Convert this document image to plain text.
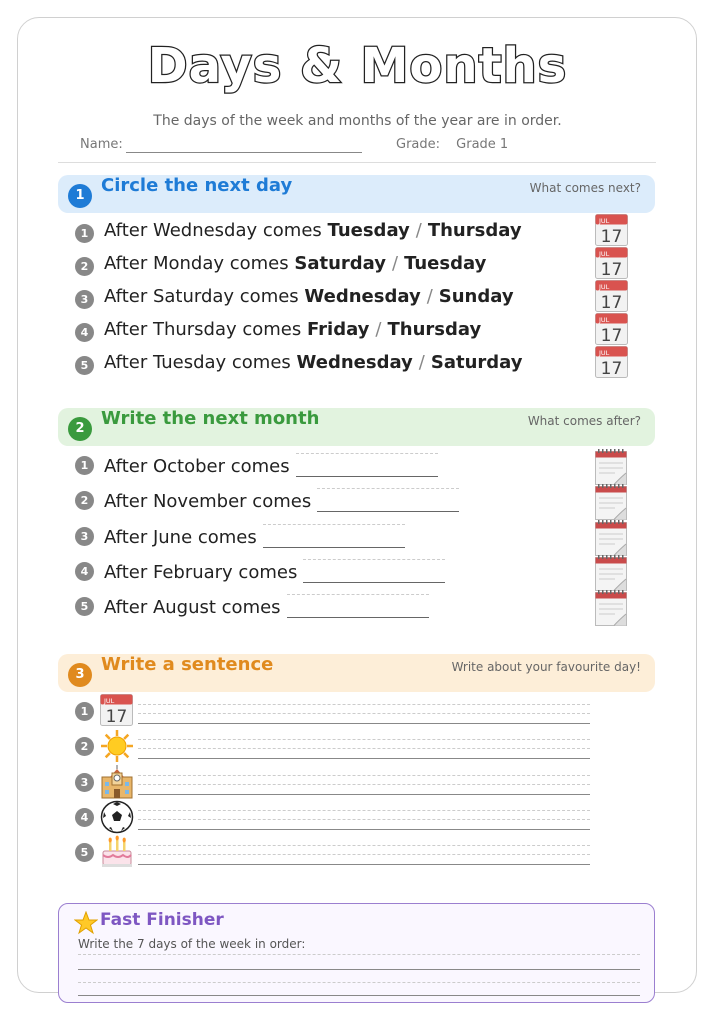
Days & Months
The days of the week and months of the year are in order.
Name:	Grade: Grade 1
1 Circle the next day	What comes next?
1 After Wednesday comes Tuesday / Thursday	JUL
17
2 After Monday comes Saturday / Tuesday	JUL
17
3 After Saturday comes Wednesday / Sunday	JUL
17
4 After Thursday comes Friday / Thursday	JUL
17
5 After Tuesday comes Wednesday / Saturday	JUL
17
2 Write the next month	What comes after?
1 After October comes
2 After November comes
3 After June comes
4 After February comes
5 After August comes
3 Write a sentence	Write about your favourite day!
1
JUL
17
2
3
4
5
Fast Finisher
Write the 7 days of the week in order:
